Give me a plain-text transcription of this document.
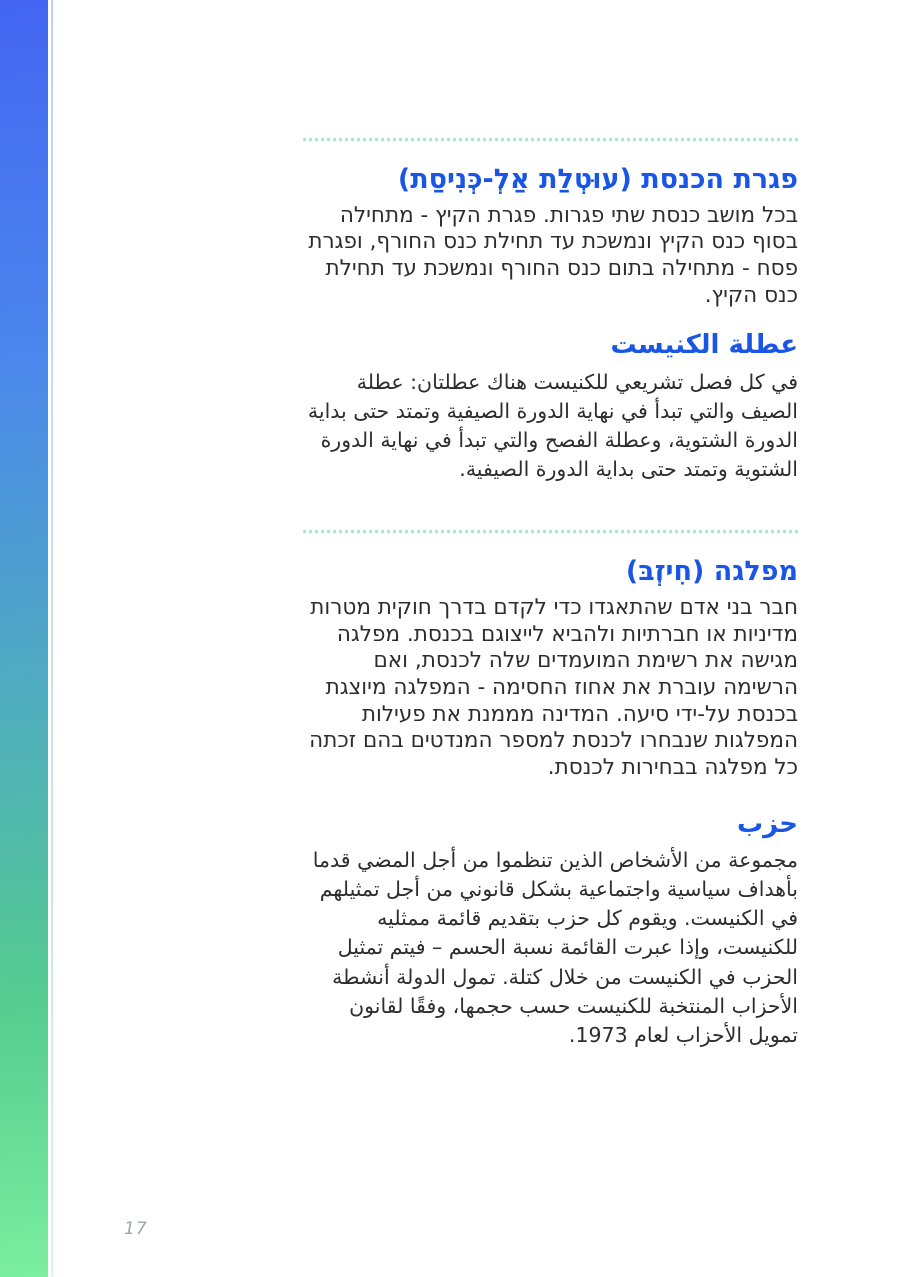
פגרת הכנסת (עוּטְלַת אַלְ-כְּנִיסַת)

בכל מושב כנסת שתי פגרות. פגרת הקיץ - מתחילה בסוף כנס הקיץ ונמשכת עד תחילת כנס החורף, ופגרת פסח - מתחילה בתום כנס החורף ונמשכת עד תחילת כנס הקיץ.

عطلة الكنيست

في كل فصل تشريعي للكنيست هناك عطلتان: عطلة الصيف والتي تبدأ في نهاية الدورة الصيفية وتمتد حتى بداية الدورة الشتوية، وعطلة الفصح والتي تبدأ في نهاية الدورة الشتوية وتمتد حتى بداية الدورة الصيفية.

מפלגה (חִיזְבּ)

חבר בני אדם שהתאגדו כדי לקדם בדרך חוקית מטרות מדיניות או חברתיות ולהביא לייצוגם בכנסת. מפלגה מגישה את רשימת המועמדים שלה לכנסת, ואם הרשימה עוברת את אחוז החסימה - המפלגה מיוצגת בכנסת על-ידי סיעה. המדינה מממנת את פעילות המפלגות שנבחרו לכנסת למספר המנדטים בהם זכתה כל מפלגה בבחירות לכנסת.

حزب

مجموعة من الأشخاص الذين تنظموا من أجل المضي قدما بأهداف سياسية واجتماعية بشكل قانوني من أجل تمثيلهم في الكنيست. ويقوم كل حزب بتقديم قائمة ممثليه للكنيست، وإذا عبرت القائمة نسبة الحسم – فيتم تمثيل الحزب في الكنيست من خلال كتلة. تمول الدولة أنشطة الأحزاب المنتخبة للكنيست حسب حجمها، وفقًا لقانون تمويل الأحزاب لعام 1973.

17
